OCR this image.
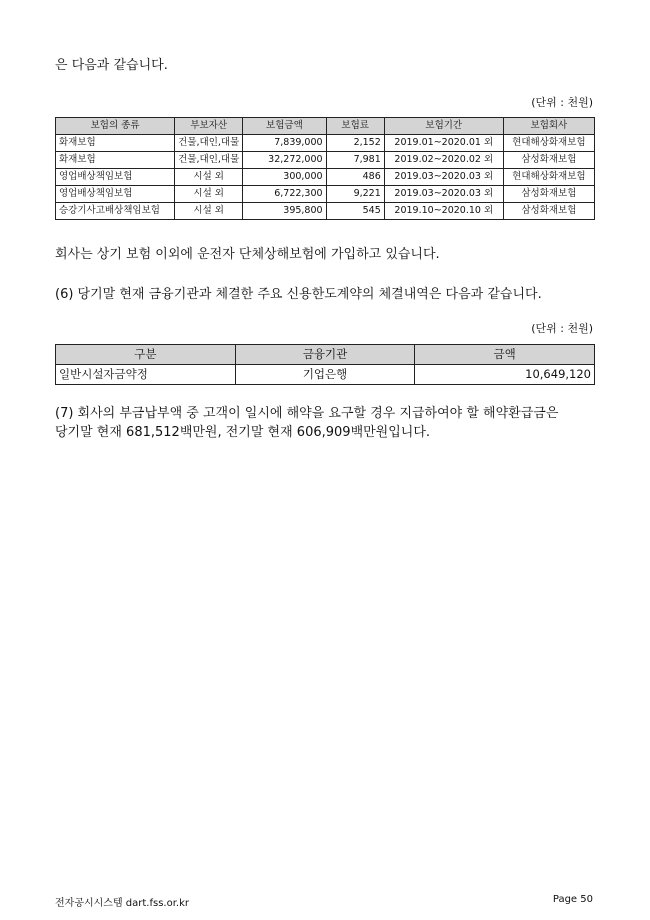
은 다음과 같습니다.
(단위 : 천원)
보험의 종류	부보자산	보험금액	보험료	보험기간	보험회사
화재보험	건물,대인,대물	7,839,000	2,152	2019.01~2020.01 외	현대해상화재보험
화재보험	건물,대인,대물	32,272,000	7,981	2019.02~2020.02 외	삼성화재보험
영업배상책임보험	시설 외	300,000	486	2019.03~2020.03 외	현대해상화재보험
영업배상책임보험	시설 외	6,722,300	9,221	2019.03~2020.03 외	삼성화재보험
승강기사고배상책임보험	시설 외	395,800	545	2019.10~2020.10 외	삼성화재보험
회사는 상기 보험 이외에 운전자 단체상해보험에 가입하고 있습니다.
(6) 당기말 현재 금융기관과 체결한 주요 신용한도계약의 체결내역은 다음과 같습니다.
(단위 : 천원)
구분	금융기관	금액
일반시설자금약정	기업은행	10,649,120
(7) 회사의 부금납부액 중 고객이 일시에 해약을 요구할 경우 지급하여야 할 해약환급금은
당기말 현재 681,512백만원, 전기말 현재 606,909백만원입니다.
전자공시시스템 dart.fss.or.kr	Page 50
